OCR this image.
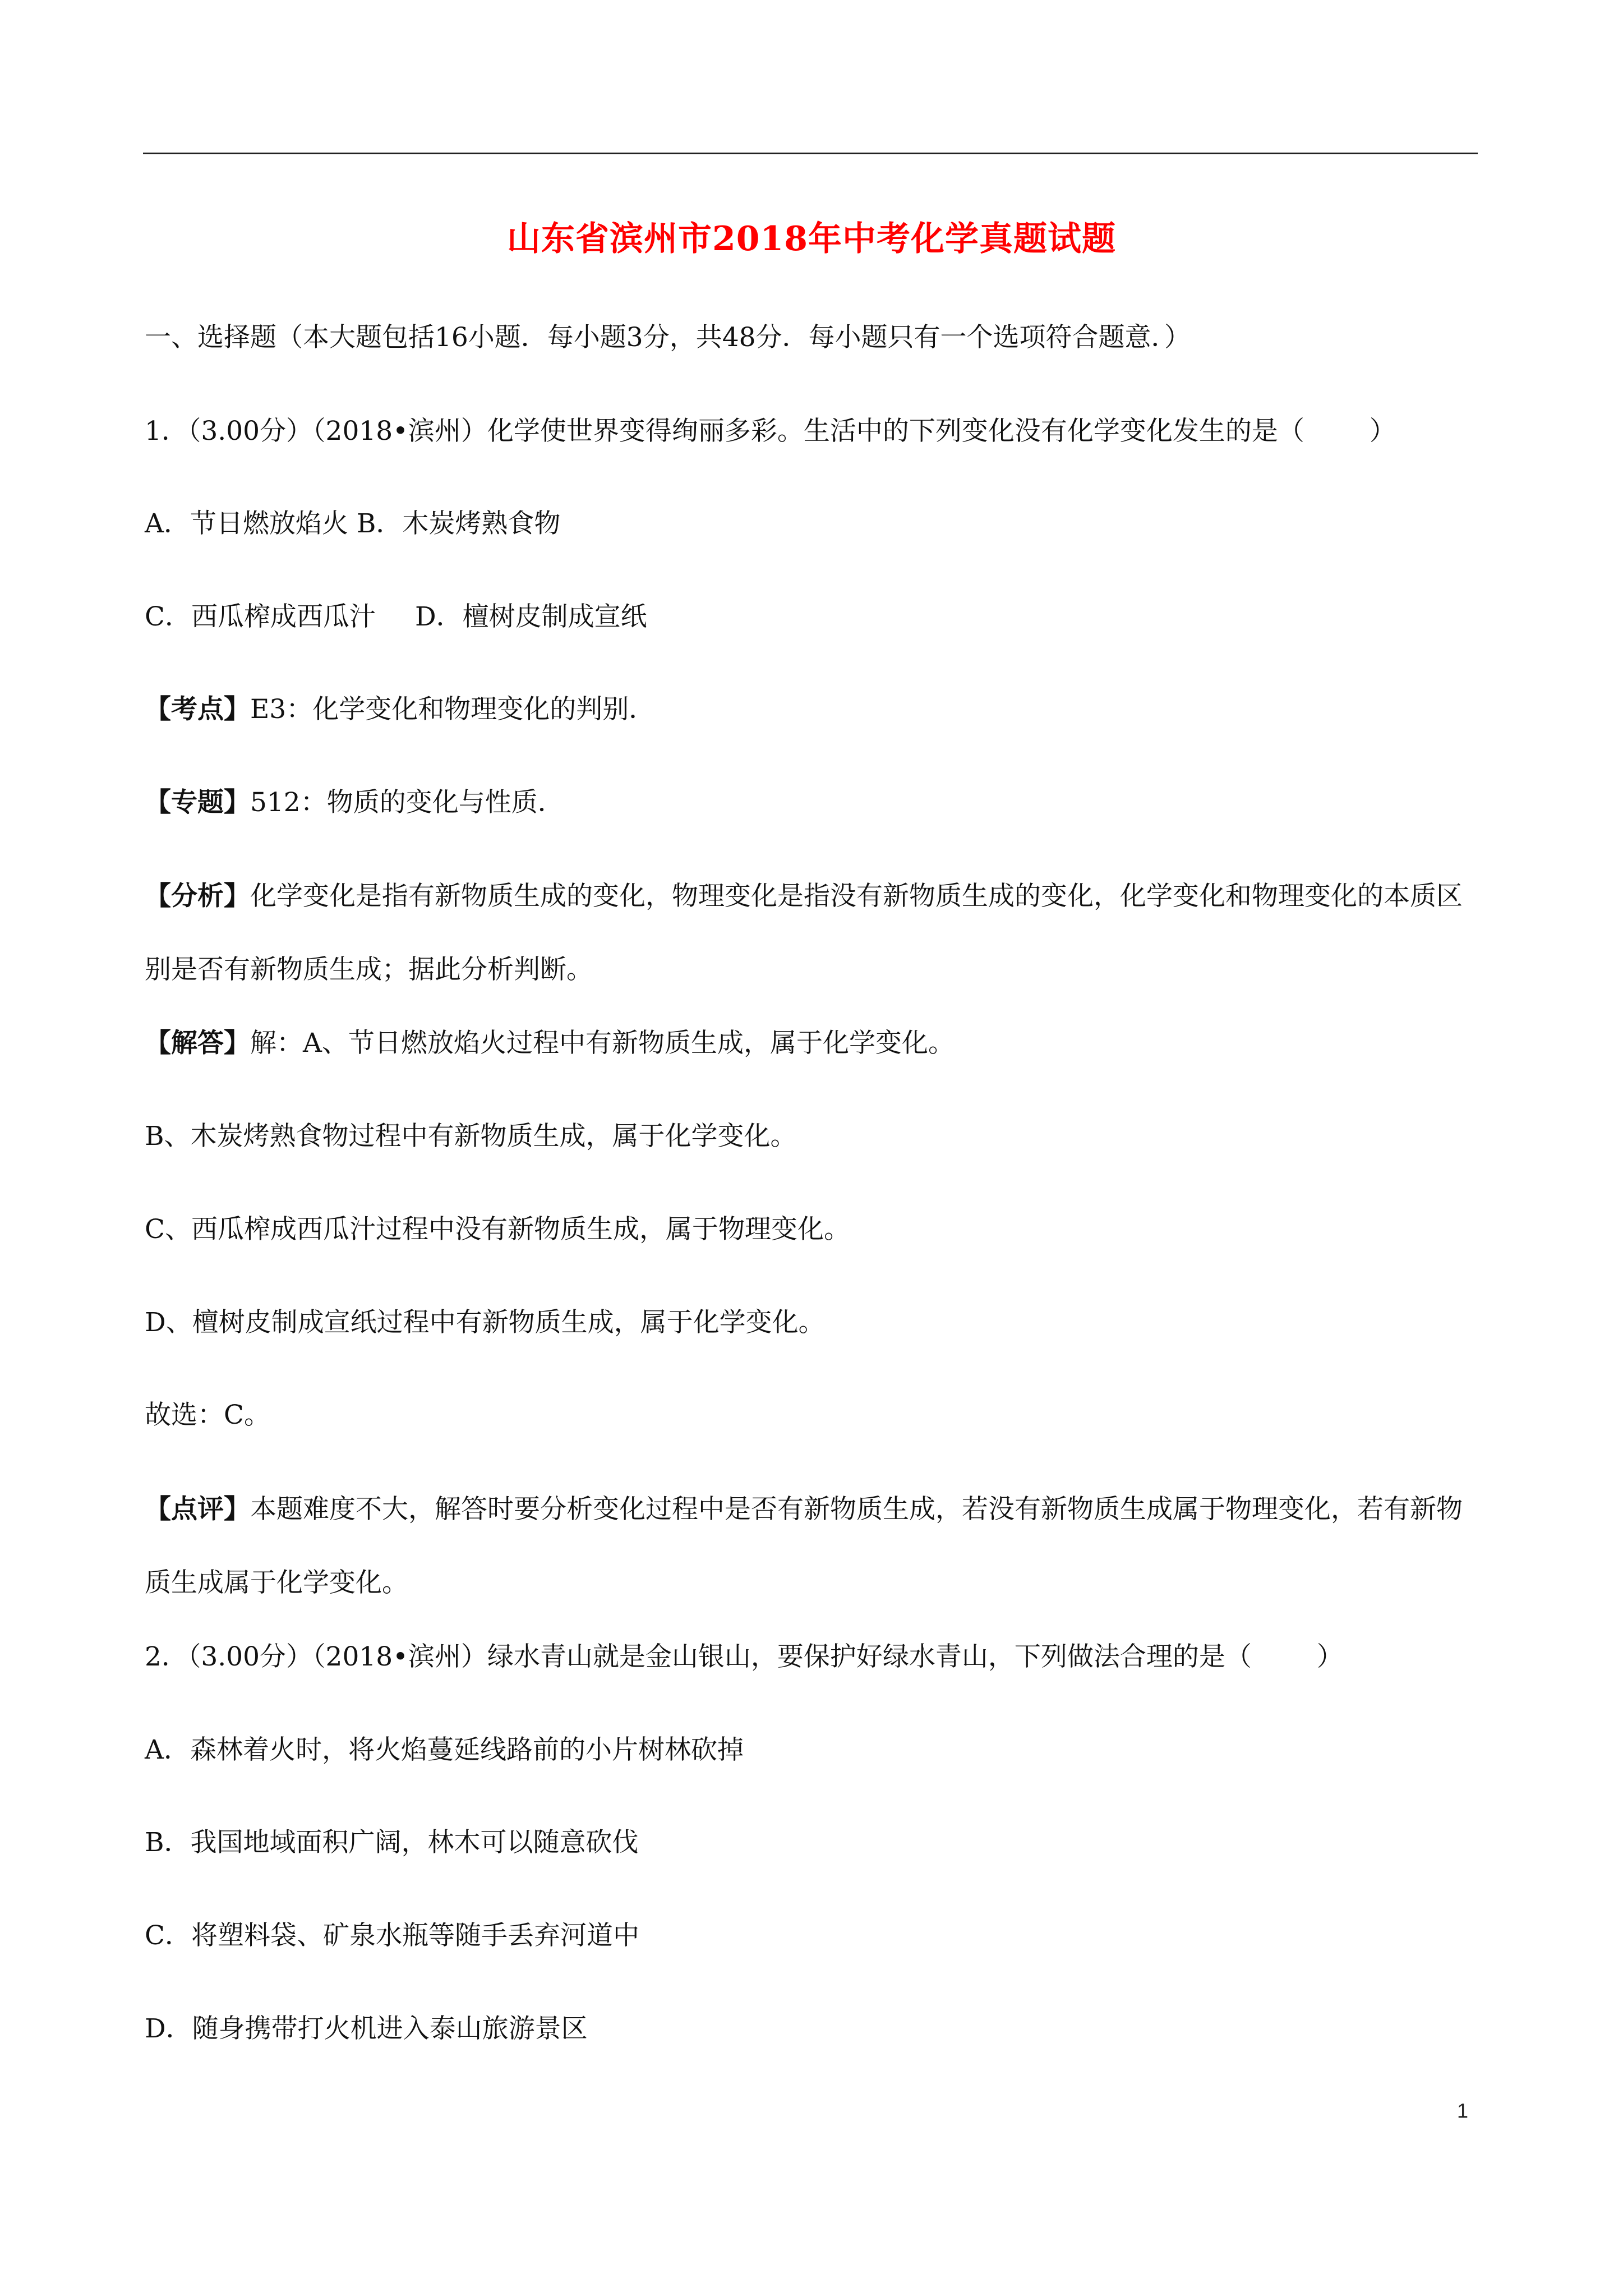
山东省滨州市2018年中考化学真题试题
一、选择题（本大题包括16小题．每小题3分，共48分．每小题只有一个选项符合题意．）
1．（3.00分）（2018•滨州）化学使世界变得绚丽多彩。生活中的下列变化没有化学变化发生的是（ ）
A．节日燃放焰火 B．木炭烤熟食物
C．西瓜榨成西瓜汁 D．檀树皮制成宣纸
【考点】E3：化学变化和物理变化的判别．
【专题】512：物质的变化与性质．
【分析】化学变化是指有新物质生成的变化，物理变化是指没有新物质生成的变化，化学变化和物理变化的本质区别是否有新物质生成；据此分析判断。
【解答】解：A、节日燃放焰火过程中有新物质生成，属于化学变化。
B、木炭烤熟食物过程中有新物质生成，属于化学变化。
C、西瓜榨成西瓜汁过程中没有新物质生成，属于物理变化。
D、檀树皮制成宣纸过程中有新物质生成，属于化学变化。
故选：C。
【点评】本题难度不大，解答时要分析变化过程中是否有新物质生成，若没有新物质生成属于物理变化，若有新物质生成属于化学变化。
2．（3.00分）（2018•滨州）绿水青山就是金山银山，要保护好绿水青山，下列做法合理的是（ ）
A．森林着火时，将火焰蔓延线路前的小片树林砍掉
B．我国地域面积广阔，林木可以随意砍伐
C．将塑料袋、矿泉水瓶等随手丢弃河道中
D．随身携带打火机进入泰山旅游景区
1
